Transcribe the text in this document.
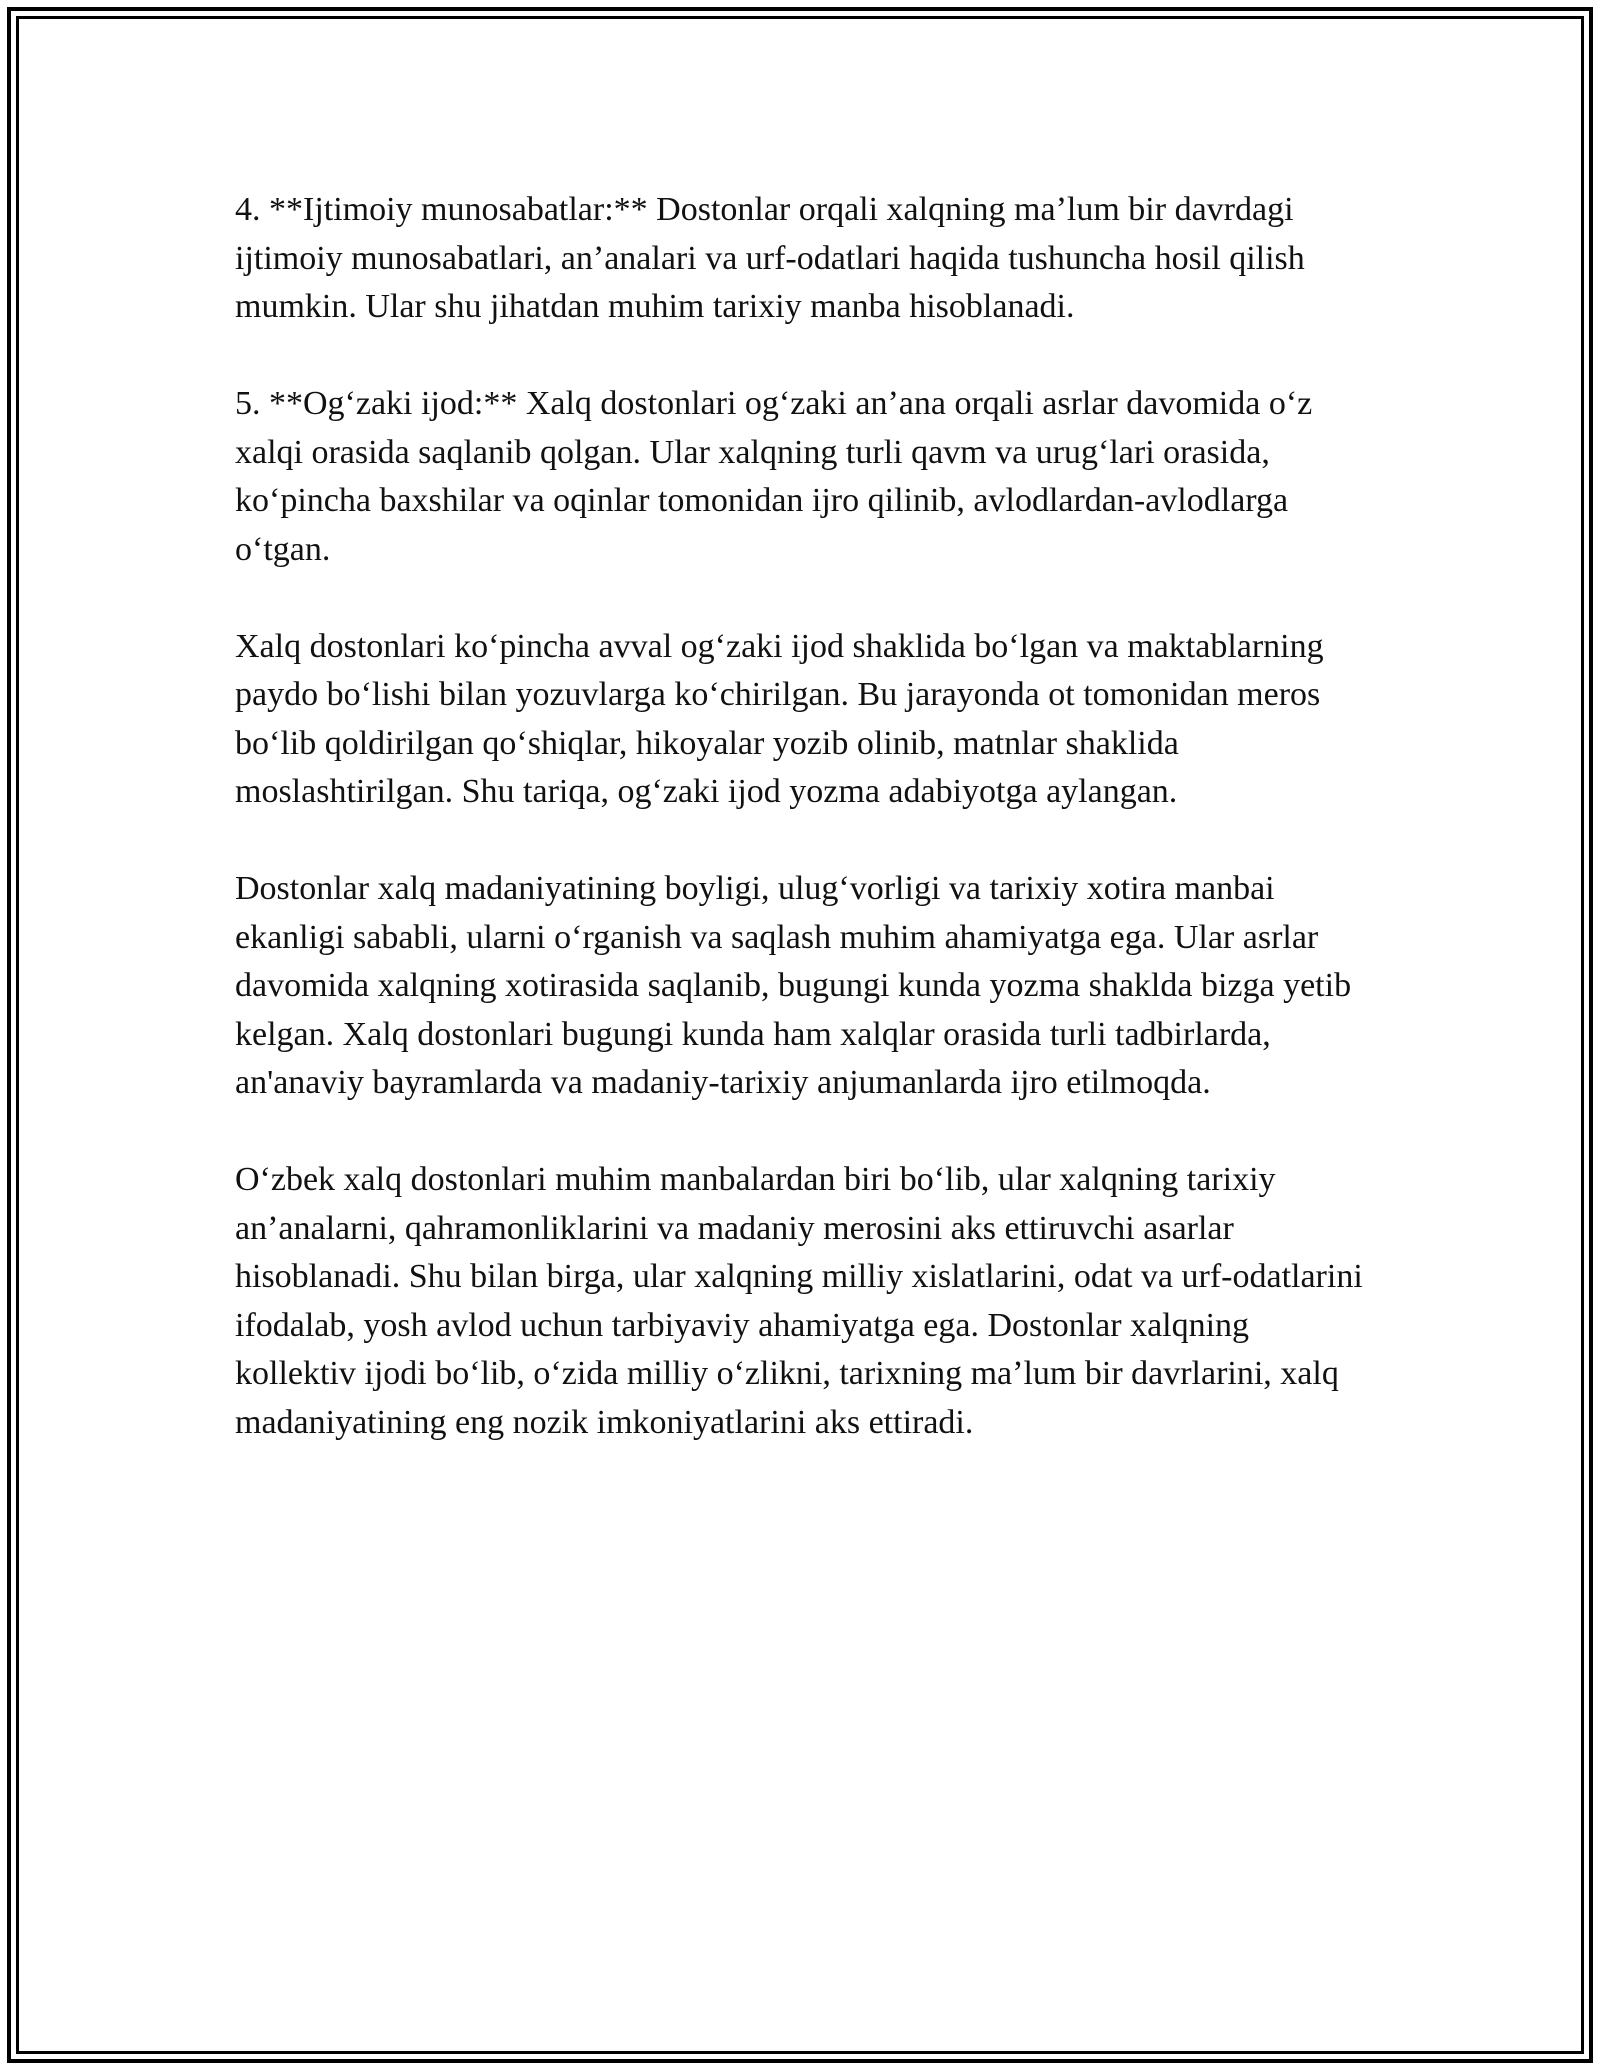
4. **Ijtimoiy munosabatlar:** Dostonlar orqali xalqning maʼlum bir davrdagi ijtimoiy munosabatlari, anʼanalari va urf-odatlari haqida tushuncha hosil qilish mumkin. Ular shu jihatdan muhim tarixiy manba hisoblanadi.

5. **Ogʻzaki ijod:** Xalq dostonlari ogʻzaki anʼana orqali asrlar davomida oʻz xalqi orasida saqlanib qolgan. Ular xalqning turli qavm va urugʻlari orasida, koʻpincha baxshilar va oqinlar tomonidan ijro qilinib, avlodlardan-avlodlarga oʻtgan.

Xalq dostonlari koʻpincha avval ogʻzaki ijod shaklida boʻlgan va maktablarning paydo boʻlishi bilan yozuvlarga koʻchirilgan. Bu jarayonda ot tomonidan meros boʻlib qoldirilgan qoʻshiqlar, hikoyalar yozib olinib, matnlar shaklida moslashtirilgan. Shu tariqa, ogʻzaki ijod yozma adabiyotga aylangan.

Dostonlar xalq madaniyatining boyligi, ulugʻvorligi va tarixiy xotira manbai ekanligi sababli, ularni oʻrganish va saqlash muhim ahamiyatga ega. Ular asrlar davomida xalqning xotirasida saqlanib, bugungi kunda yozma shaklda bizga yetib kelgan. Xalq dostonlari bugungi kunda ham xalqlar orasida turli tadbirlarda, an'anaviy bayramlarda va madaniy-tarixiy anjumanlarda ijro etilmoqda.

Oʻzbek xalq dostonlari muhim manbalardan biri boʻlib, ular xalqning tarixiy anʼanalarni, qahramonliklarini va madaniy merosini aks ettiruvchi asarlar hisoblanadi. Shu bilan birga, ular xalqning milliy xislatlarini, odat va urf-odatlarini ifodalab, yosh avlod uchun tarbiyaviy ahamiyatga ega. Dostonlar xalqning kollektiv ijodi boʻlib, oʻzida milliy oʻzlikni, tarixning maʼlum bir davrlarini, xalq madaniyatining eng nozik imkoniyatlarini aks ettiradi.
